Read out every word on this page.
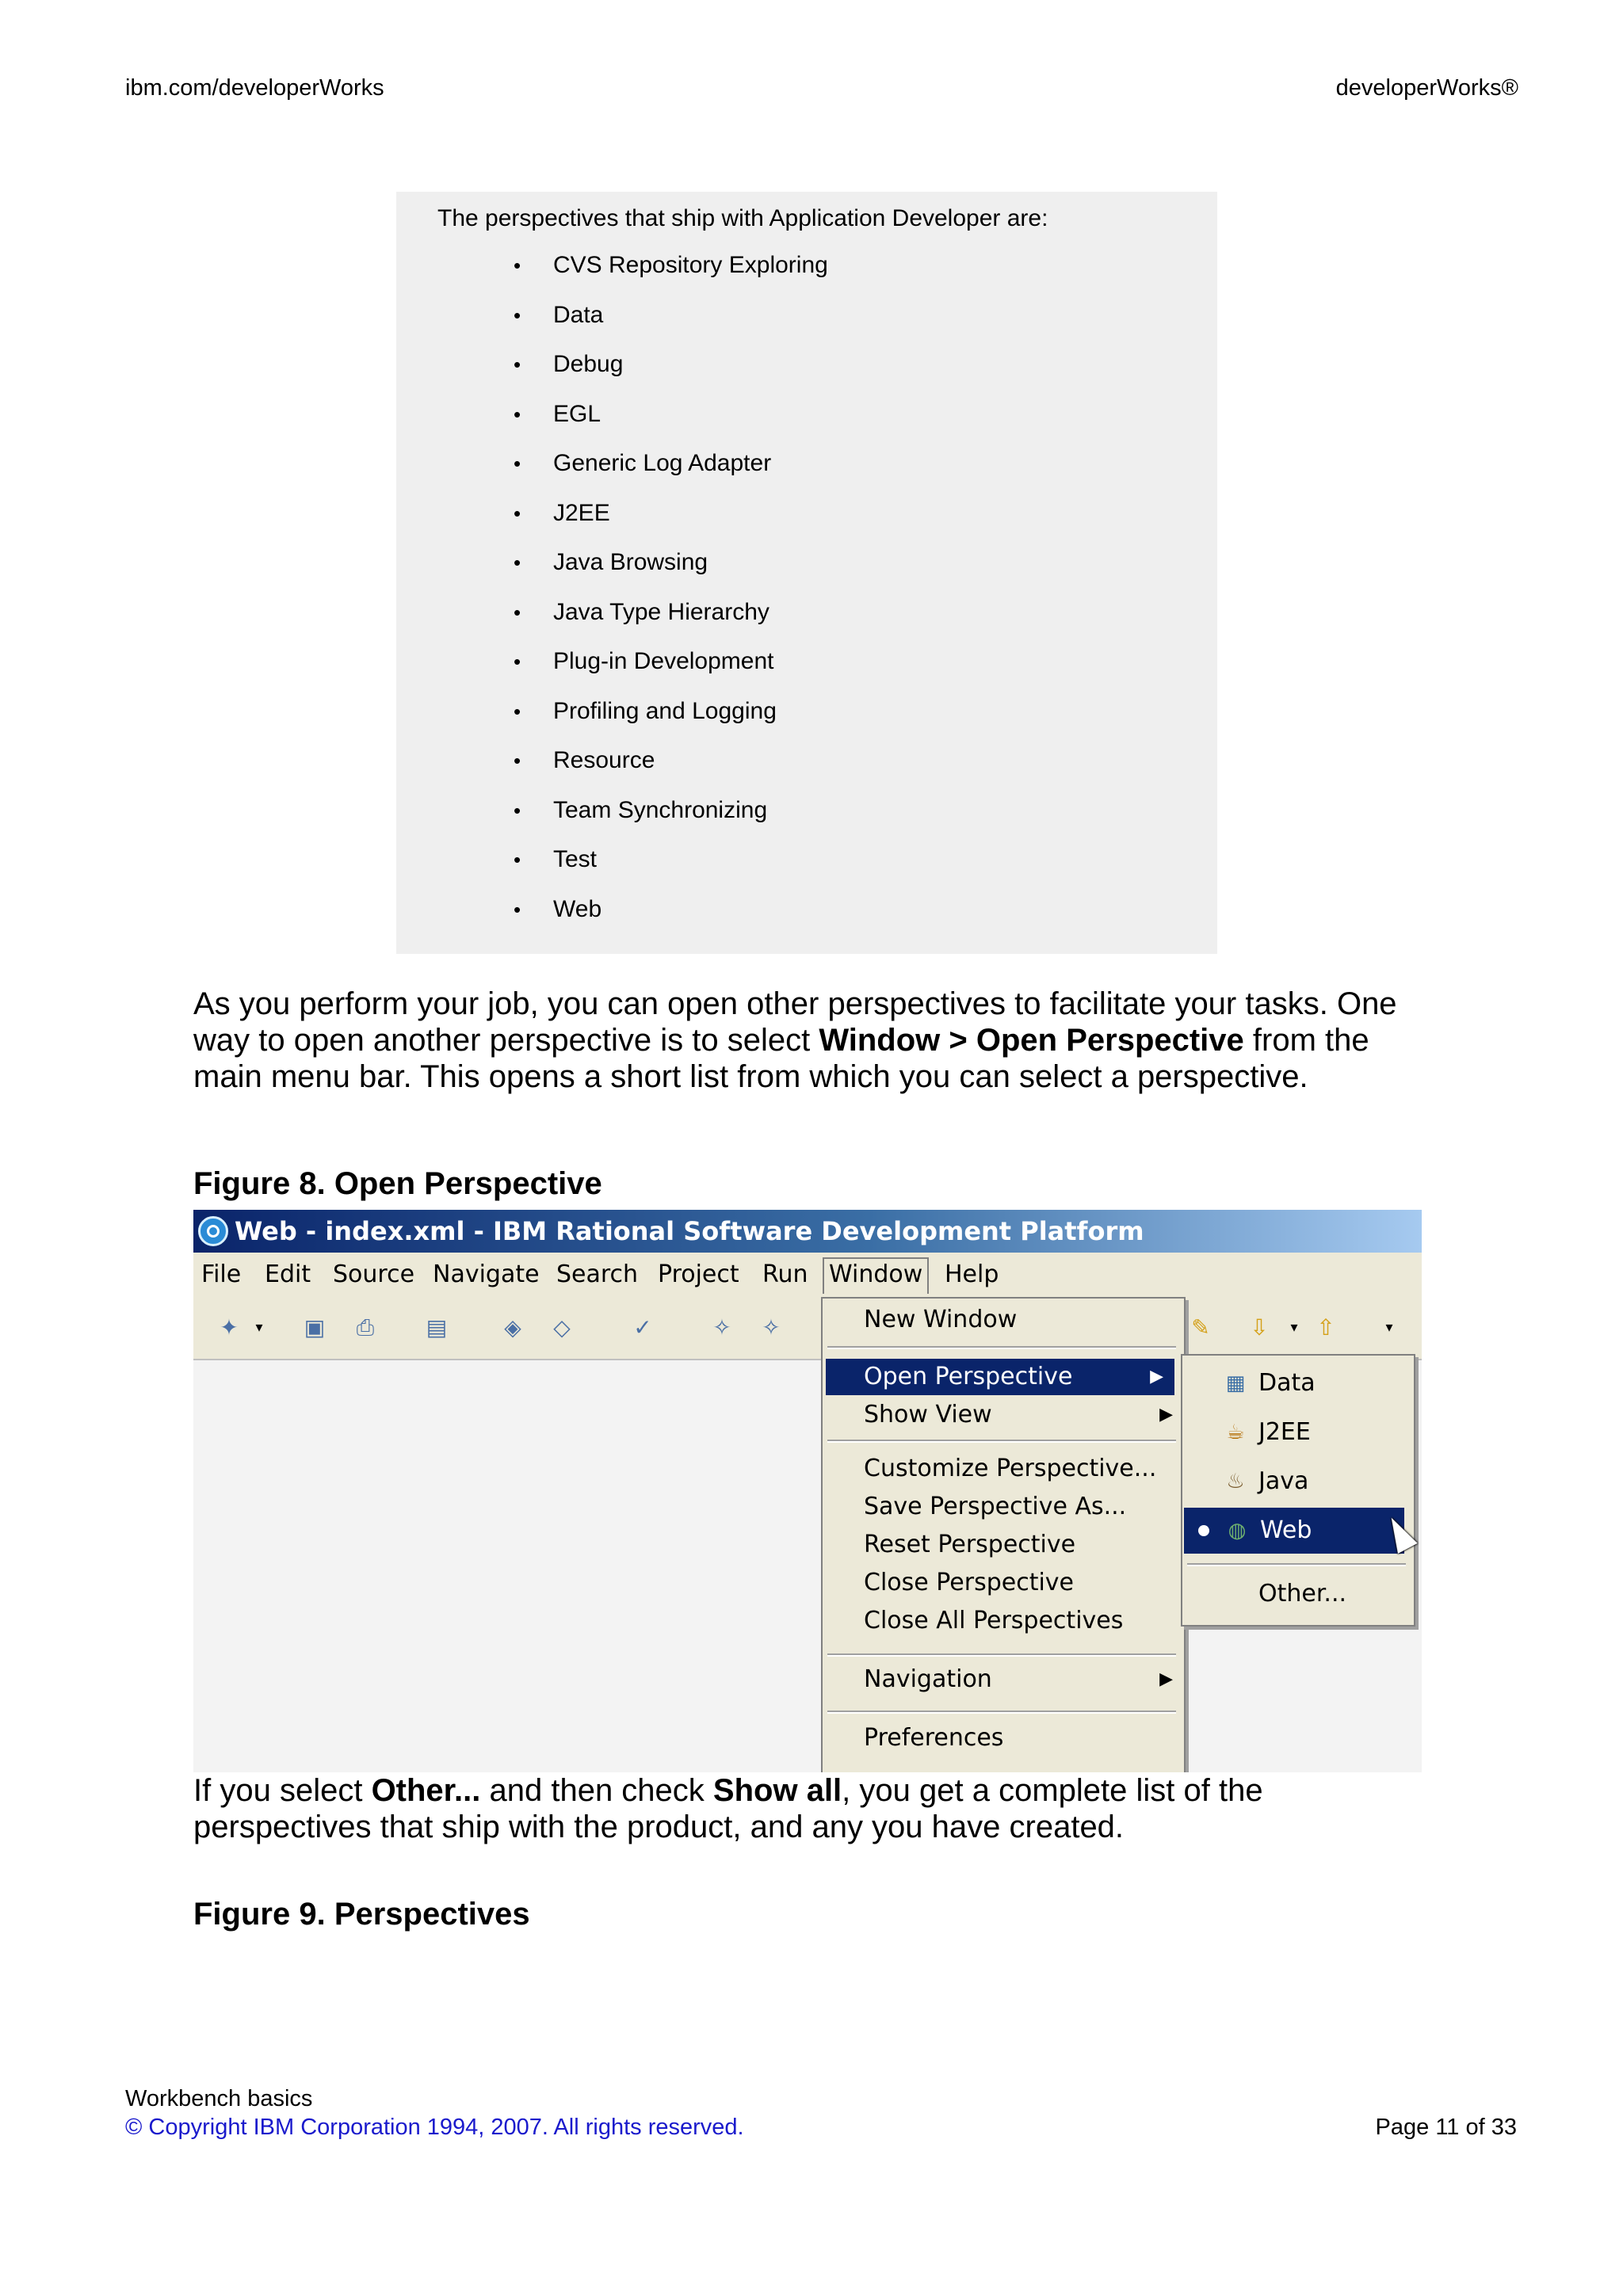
ibm.com/developerWorks	developerWorks®
The perspectives that ship with Application Developer are:
• CVS Repository Exploring
• Data
• Debug
• EGL
• Generic Log Adapter
• J2EE
• Java Browsing
• Java Type Hierarchy
• Plug-in Development
• Profiling and Logging
• Resource
• Team Synchronizing
• Test
• Web

As you perform your job, you can open other perspectives to facilitate your tasks. One way to open another perspective is to select Window > Open Perspective from the main menu bar. This opens a short list from which you can select a perspective.

Figure 8. Open Perspective
Web - index.xml - IBM Rational Software Development Platform
File Edit Source Navigate Search Project Run Window Help
✦	▾	▣ ⎙ ▤	◈ ◇	✓	✧ ✧	✎ ⇩	▾ ⇧	▾
New Window
Open Perspective	▶
Show View	▶
Customize Perspective...
Save Perspective As...
Reset Perspective
Close Perspective
Close All Perspectives
Navigation	▶
Preferences
▦ Data
☕ J2EE
♨ Java
◍ Web
Other...

If you select Other... and then check Show all, you get a complete list of the perspectives that ship with the product, and any you have created.

Figure 9. Perspectives
Workbench basics
© Copyright IBM Corporation 1994, 2007. All rights reserved.	Page 11 of 33
